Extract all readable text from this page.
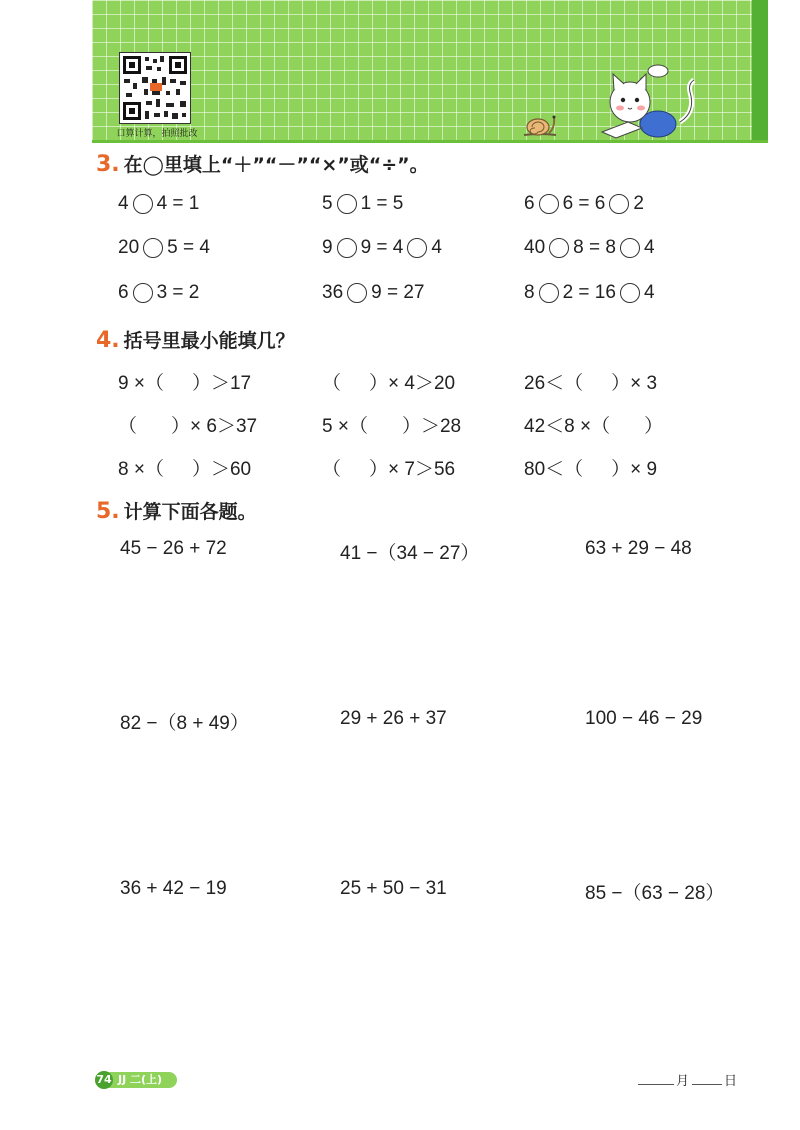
口算计算，拍照批改
3. 在◯里填上“＋”“－”“×”或“÷”。
4 4 = 1	5 1 = 5	6 6 = 6 2
20 5 = 4	9 9 = 4 4	40 8 = 8 4
6 3 = 2	36 9 = 27	8 2 = 16 4
4. 括号里最小能填几？
9 ×（ ）＞17	（ ）× 4＞20	26＜（ ）× 3
（ ）× 6＞37	5 ×（ ）＞28	42＜8 ×（ ）
8 ×（ ）＞60	（ ）× 7＞56	80＜（ ）× 9
5. 计算下面各题。
45 − 26 + 72	41 −（34 − 27）	63 + 29 − 48
82 −（8 + 49）	29 + 26 + 37	100 − 46 − 29
36 + 42 − 19	25 + 50 − 31	85 −（63 − 28）
74 JJ 二(上)	月	日
